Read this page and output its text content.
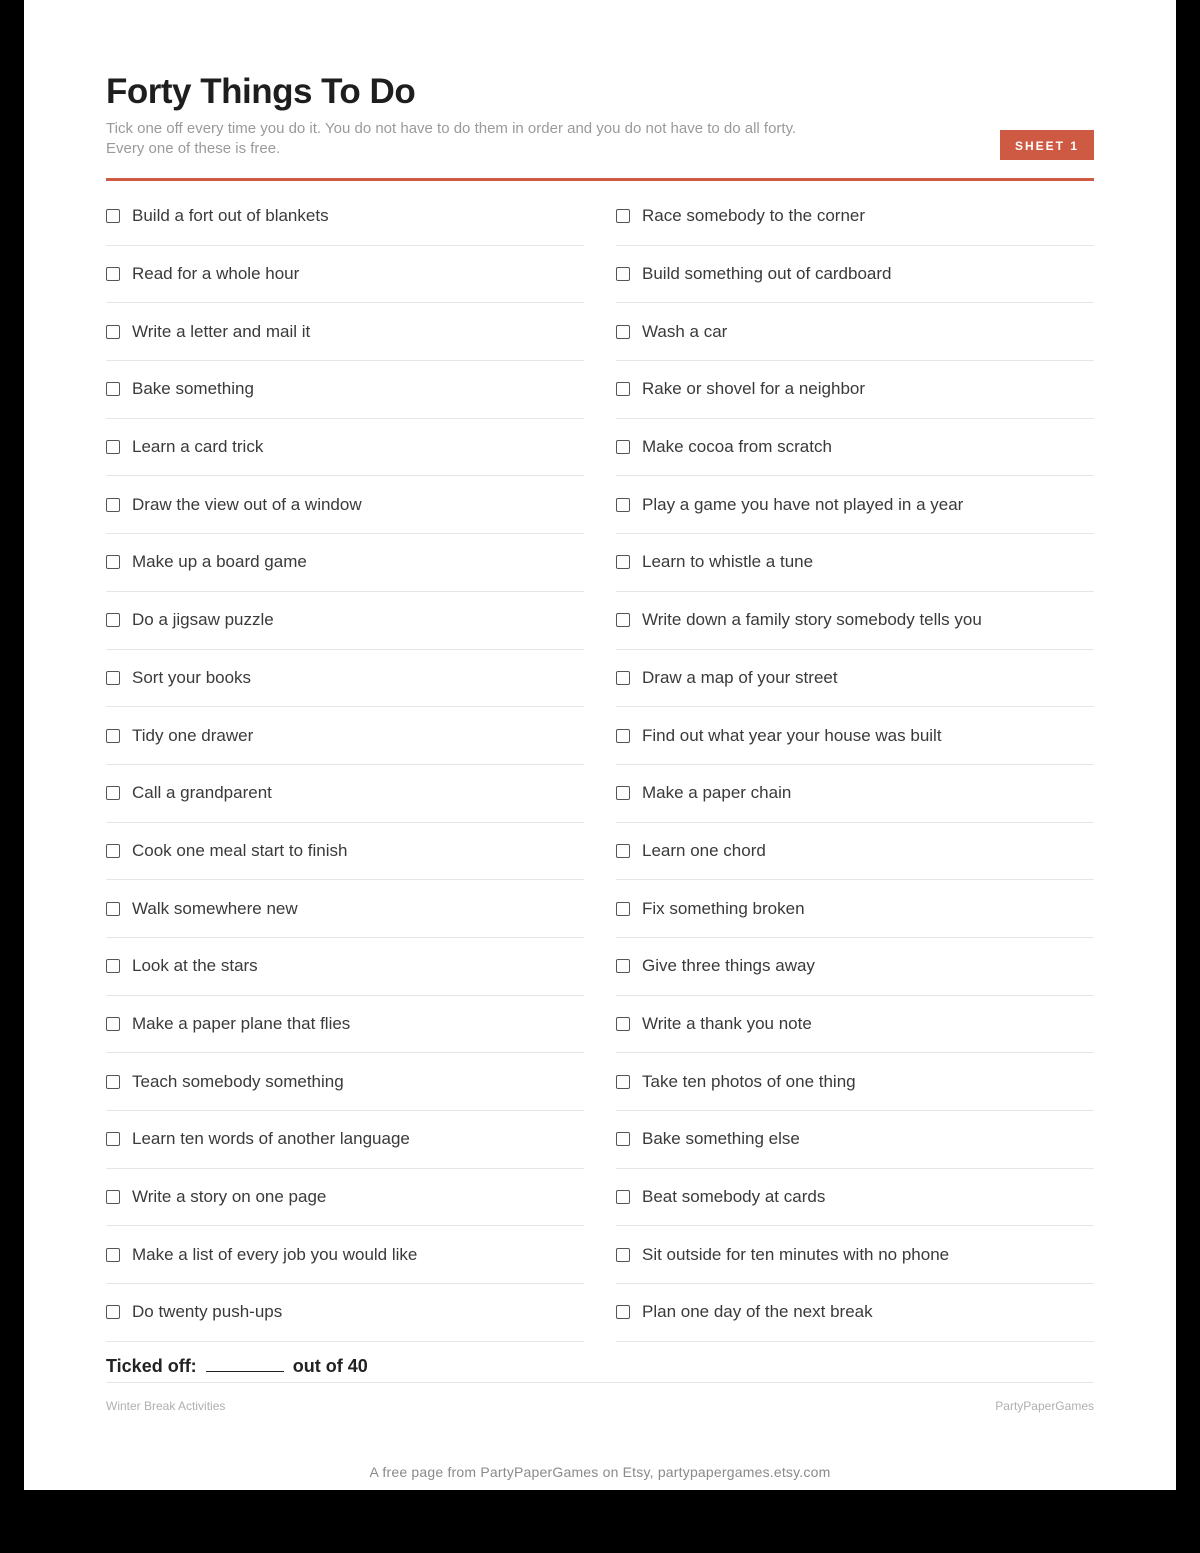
Forty Things To Do

Tick one off every time you do it. You do not have to do them in order and you do not have to do all forty. Every one of these is free.	SHEET 1
Build a fort out of blankets
Read for a whole hour
Write a letter and mail it
Bake something
Learn a card trick
Draw the view out of a window
Make up a board game
Do a jigsaw puzzle
Sort your books
Tidy one drawer
Call a grandparent
Cook one meal start to finish
Walk somewhere new
Look at the stars
Make a paper plane that flies
Teach somebody something
Learn ten words of another language
Write a story on one page
Make a list of every job you would like
Do twenty push-ups
Race somebody to the corner
Build something out of cardboard
Wash a car
Rake or shovel for a neighbor
Make cocoa from scratch
Play a game you have not played in a year
Learn to whistle a tune
Write down a family story somebody tells you
Draw a map of your street
Find out what year your house was built
Make a paper chain
Learn one chord
Fix something broken
Give three things away
Write a thank you note
Take ten photos of one thing
Bake something else
Beat somebody at cards
Sit outside for ten minutes with no phone
Plan one day of the next break
Ticked off:	out of 40
Winter Break Activities	PartyPaperGames
A free page from PartyPaperGames on Etsy, partypapergames.etsy.com
